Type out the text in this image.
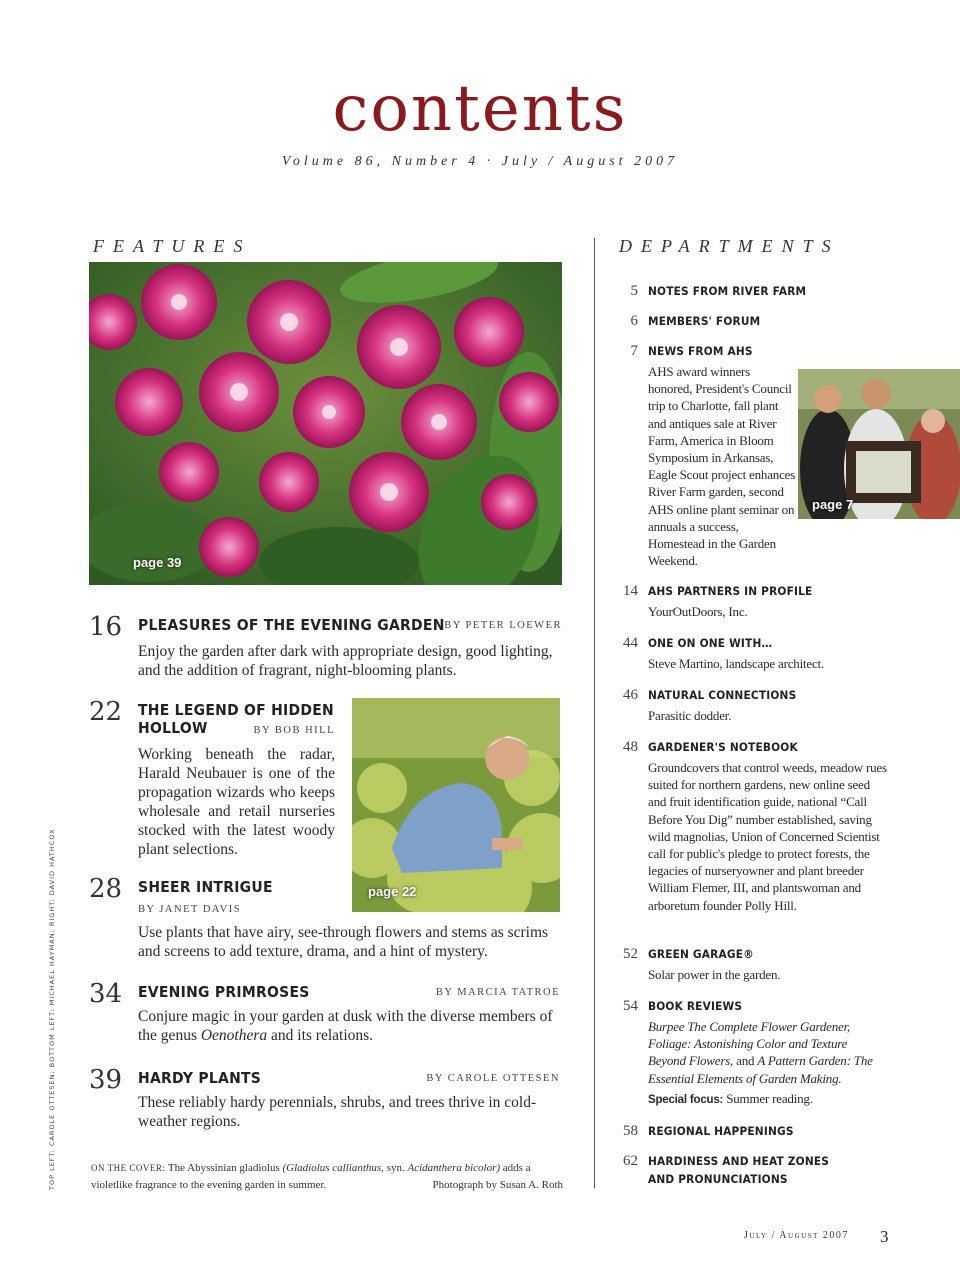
contents
Volume 86, Number 4 · July / August 2007
FEATURES	DEPARTMENTS
page 39
16 PLEASURES OF THE EVENING GARDEN BY PETER LOEWER
Enjoy the garden after dark with appropriate design, good lighting, and the addition of fragrant, night-blooming plants.
22 THE LEGEND OF HIDDEN
HOLLOW	BY BOB HILL
Working beneath the radar, Harald Neubauer is one of the propagation wizards who keeps wholesale and retail nurseries stocked with the latest woody plant selections.
page 22
28 SHEER INTRIGUE
BY JANET DAVIS
Use plants that have airy, see-through flowers and stems as scrims and screens to add texture, drama, and a hint of mystery.
34 EVENING PRIMROSES	BY MARCIA TATROE
Conjure magic in your garden at dusk with the diverse members of the genus Oenothera and its relations.
39 HARDY PLANTS	BY CAROLE OTTESEN
These reliably hardy perennials, shrubs, and trees thrive in cold-weather regions.
ON THE COVER: The Abyssinian gladiolus (Gladiolus callianthus, syn. Acidanthera bicolor) adds a violetlike fragrance to the evening garden in summer.	Photograph by Susan A. Roth
TOP LEFT: CAROLE OTTESEN; BOTTOM LEFT: MICHAEL HAYMAN; RIGHT: DAVID HATHCOX
5 NOTES FROM RIVER FARM
6 MEMBERS' FORUM
7 NEWS FROM AHS
AHS award winners honored, President's Council trip to Charlotte, fall plant and antiques sale at River Farm, America in Bloom Symposium in Arkansas, Eagle Scout project enhances River Farm garden, second AHS online plant seminar on annuals a success, Homestead in the Garden Weekend.
page 7
14 AHS PARTNERS IN PROFILE
YourOutDoors, Inc.
44 ONE ON ONE WITH…
Steve Martino, landscape architect.
46 NATURAL CONNECTIONS
Parasitic dodder.
48 GARDENER'S NOTEBOOK
Groundcovers that control weeds, meadow rues suited for northern gardens, new online seed and fruit identification guide, national “Call Before You Dig” number established, saving wild magnolias, Union of Concerned Scientist call for public's pledge to protect forests, the legacies of nurseryowner and plant breeder William Flemer, III, and plantswoman and arboretum founder Polly Hill.
52 GREEN GARAGE®
Solar power in the garden.
54 BOOK REVIEWS
Burpee The Complete Flower Gardener, Foliage: Astonishing Color and Texture Beyond Flowers, and A Pattern Garden: The Essential Elements of Garden Making.
Special focus: Summer reading.
58 REGIONAL HAPPENINGS
62 HARDINESS AND HEAT ZONES
AND PRONUNCIATIONS
July / August 2007 3
